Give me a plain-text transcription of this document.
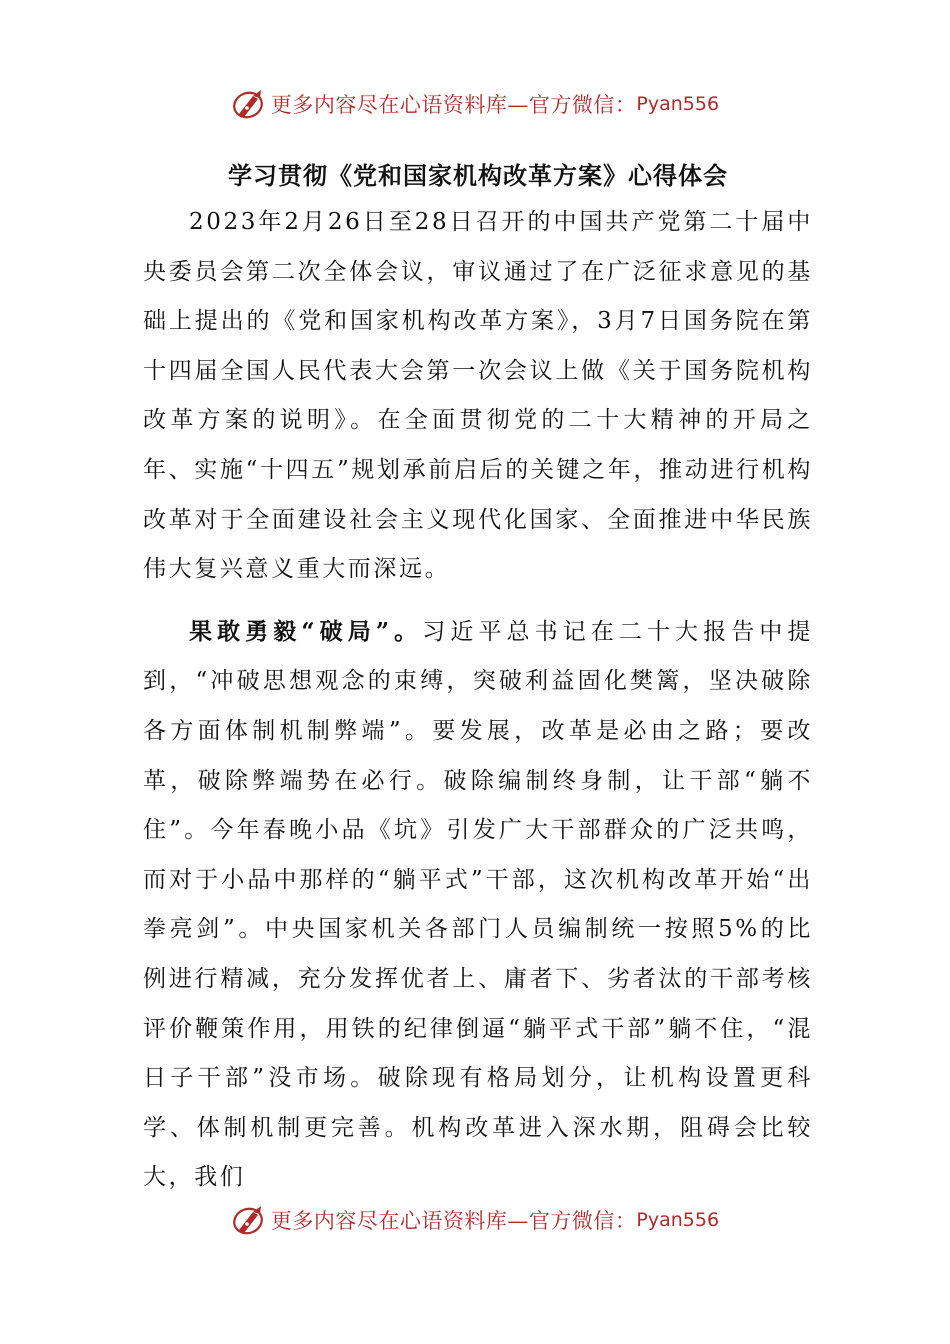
更多内容尽在心语资料库—官方微信： Pyan556
学习贯彻《党和国家机构改革方案》心得体会

2023年2月26日至28日召开的中国共产党第二十届中央委员会第二次全体会议，审议通过了在广泛征求意见的基础上提出的《党和国家机构改革方案》，3月7日国务院在第十四届全国人民代表大会第一次会议上做《关于国务院机构改革方案的说明》。在全面贯彻党的二十大精神的开局之年、实施“十四五”规划承前启后的关键之年，推动进行机构改革对于全面建设社会主义现代化国家、全面推进中华民族伟大复兴意义重大而深远。

果敢勇毅“破局”。习近平总书记在二十大报告中提到，“冲破思想观念的束缚，突破利益固化樊篱，坚决破除各方面体制机制弊端”。要发展，改革是必由之路；要改革，破除弊端势在必行。破除编制终身制，让干部“躺不住”。今年春晚小品《坑》引发广大干部群众的广泛共鸣，而对于小品中那样的“躺平式”干部，这次机构改革开始“出拳亮剑”。中央国家机关各部门人员编制统一按照5%的比例进行精减，充分发挥优者上、庸者下、劣者汰的干部考核评价鞭策作用，用铁的纪律倒逼“躺平式干部”躺不住，“混日子干部”没市场。破除现有格局划分，让机构设置更科学、体制机制更完善。机构改革进入深水期，阻碍会比较大，我们

更多内容尽在心语资料库—官方微信： Pyan556
